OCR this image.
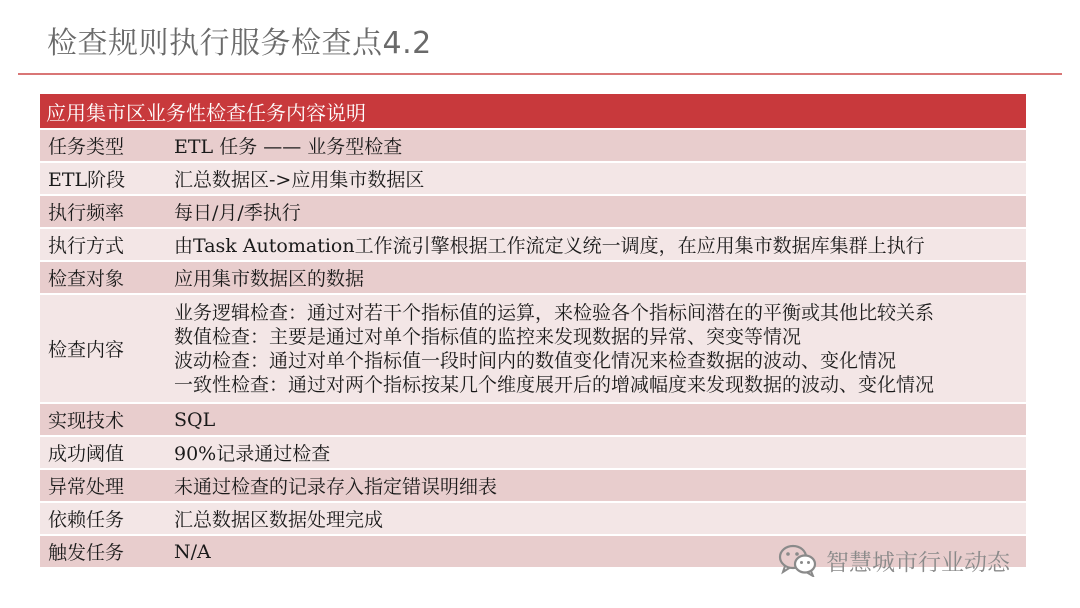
检查规则执行服务检查点4.2
应用集市区业务性检查任务内容说明	
任务类型	ETL 任务 —— 业务型检查
ETL阶段	汇总数据区->应用集市数据区
执行频率	每日/月/季执行
执行方式	由Task Automation工作流引擎根据工作流定义统一调度，在应用集市数据库集群上执行
检查对象	应用集市数据区的数据
检查内容	业务逻辑检查：通过对若干个指标值的运算，来检验各个指标间潜在的平衡或其他比较关系
数值检查：主要是通过对单个指标值的监控来发现数据的异常、突变等情况
波动检查：通过对单个指标值一段时间内的数值变化情况来检查数据的波动、变化情况
一致性检查：通过对两个指标按某几个维度展开后的增减幅度来发现数据的波动、变化情况

实现技术	SQL
成功阈值	90%记录通过检查
异常处理	未通过检查的记录存入指定错误明细表
依赖任务	汇总数据区数据处理完成
触发任务	N/A	智慧城市行业动态
